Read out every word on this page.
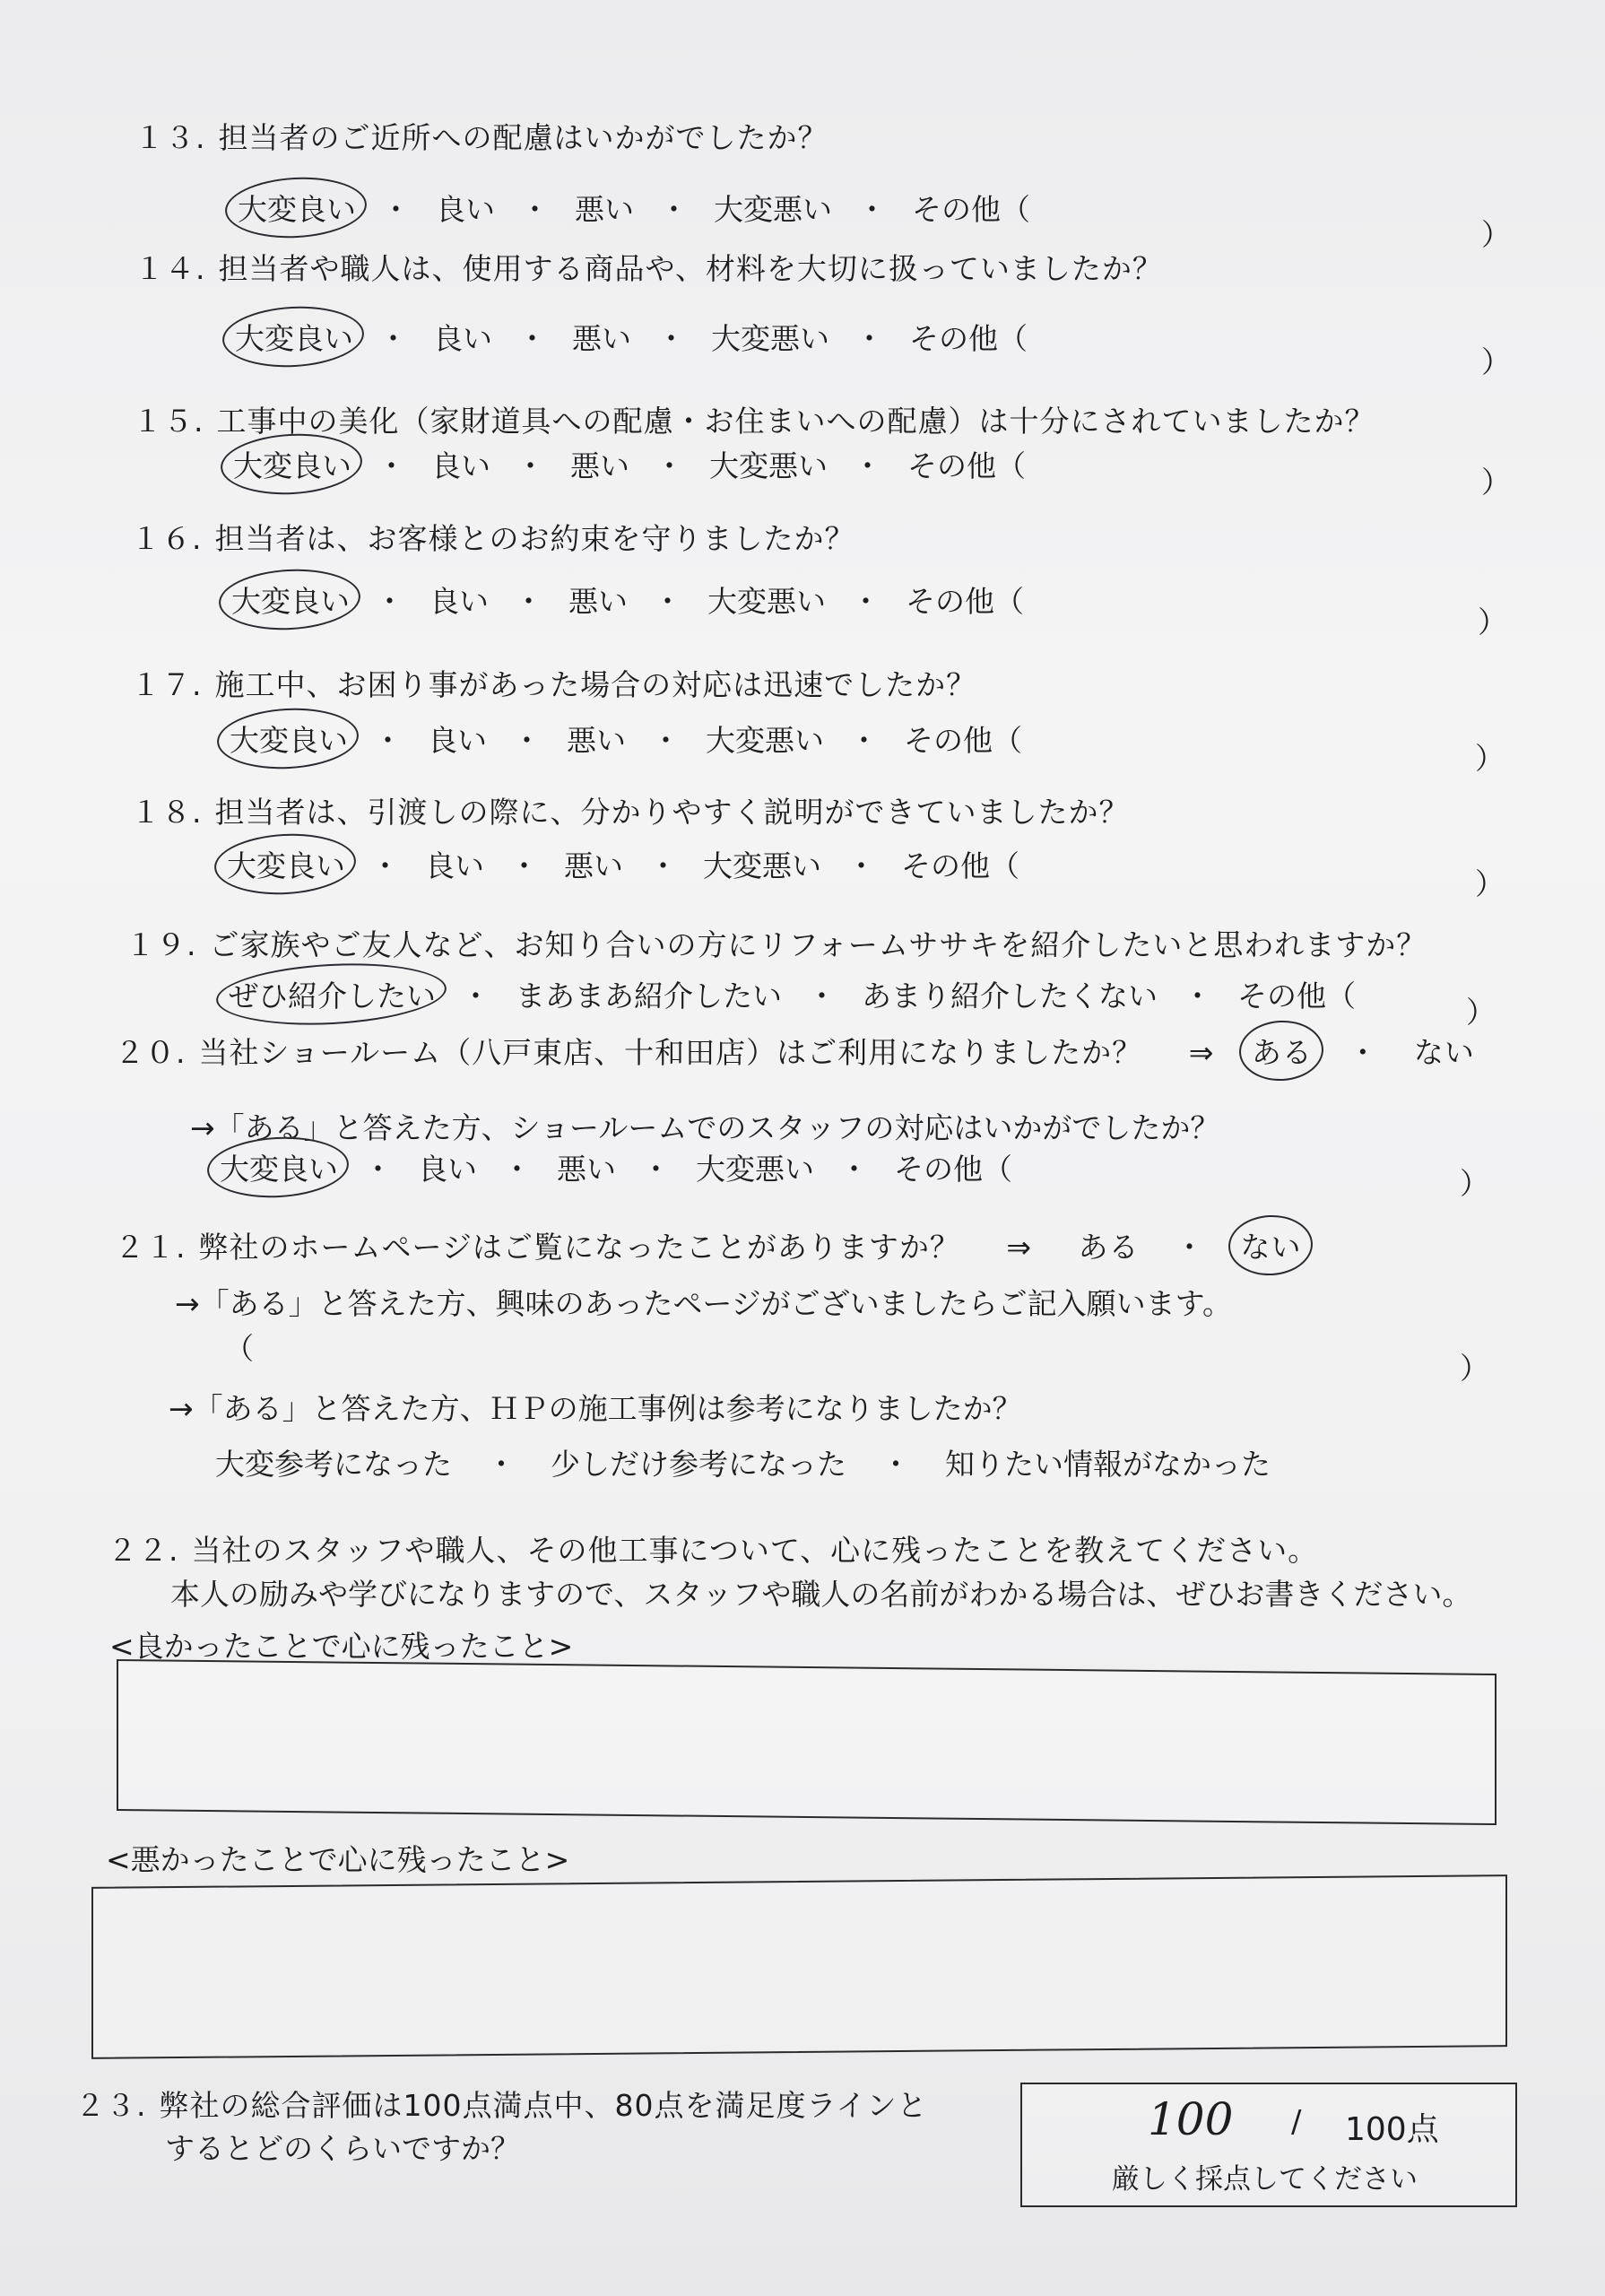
１３. 担当者のご近所への配慮はいかがでしたか？
大変良い ・ 良い ・ 悪い ・ 大変悪い ・ その他（
）
１４. 担当者や職人は、使用する商品や、材料を大切に扱っていましたか？
大変良い ・ 良い ・ 悪い ・ 大変悪い ・ その他（
）
１５. 工事中の美化（家財道具への配慮・お住まいへの配慮）は十分にされていましたか？
大変良い ・ 良い ・ 悪い ・ 大変悪い ・ その他（	）
１６. 担当者は、お客様とのお約束を守りましたか？
大変良い ・ 良い ・ 悪い ・ 大変悪い ・ その他（
）
１７. 施工中、お困り事があった場合の対応は迅速でしたか？
大変良い ・ 良い ・ 悪い ・ 大変悪い ・ その他（
）
１８. 担当者は、引渡しの際に、分かりやすく説明ができていましたか？
大変良い ・ 良い ・ 悪い ・ 大変悪い ・ その他（
）
１９. ご家族やご友人など、お知り合いの方にリフォームササキを紹介したいと思われますか？
ぜひ紹介したい ・ まあまあ紹介したい ・ あまり紹介したくない ・ その他（	）
２０. 当社ショールーム（八戸東店、十和田店）はご利用になりましたか？ ⇒ ある ・ ない
→「ある」と答えた方、ショールームでのスタッフの対応はいかがでしたか？
大変良い ・ 良い ・ 悪い ・ 大変悪い ・ その他（	）
２１. 弊社のホームページはご覧になったことがありますか？ ⇒ ある ・ ない
→「ある」と答えた方、興味のあったページがございましたらご記入願います。
（
）
→「ある」と答えた方、ＨＰの施工事例は参考になりましたか？
大変参考になった ・ 少しだけ参考になった ・ 知りたい情報がなかった
２２. 当社のスタッフや職人、その他工事について、心に残ったことを教えてください。
本人の励みや学びになりますので、スタッフや職人の名前がわかる場合は、ぜひお書きください。
<良かったことで心に残ったこと>
<悪かったことで心に残ったこと>
２３. 弊社の総合評価は100点満点中、80点を満足度ラインと
するとどのくらいですか？
100 / 100点
厳しく採点してください
